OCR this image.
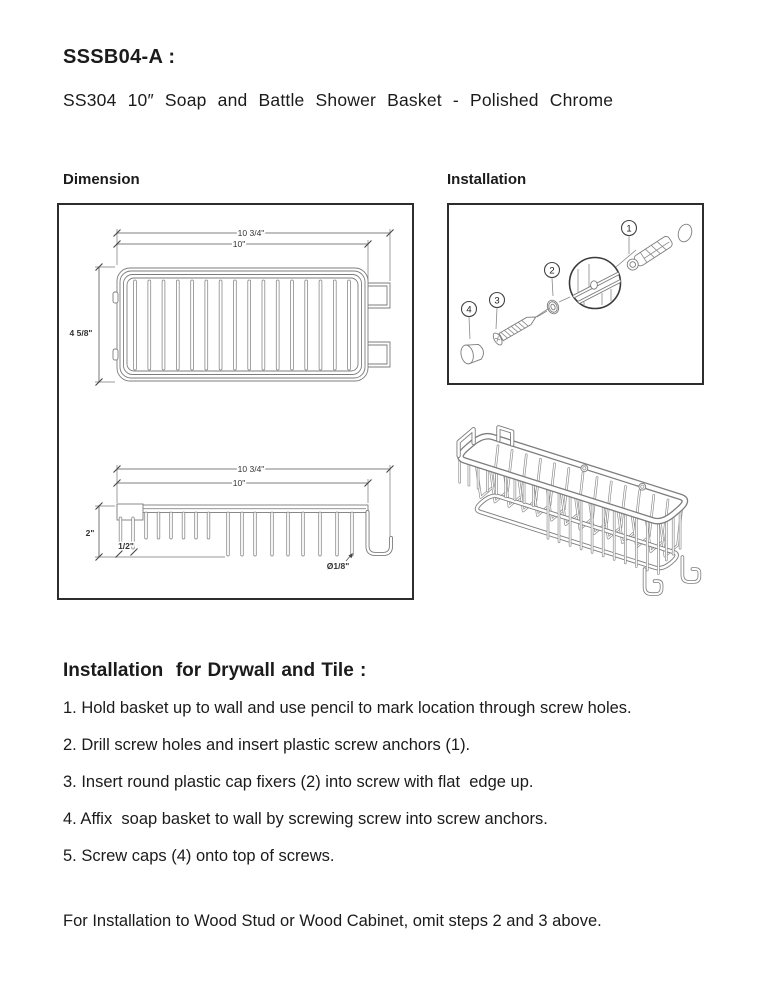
SSSB04-A :
SS304 10″ Soap and Battle Shower Basket - Polished Chrome
Dimension	Installation
10 3/4"
10"
4 5/8"
10 3/4"
10"
2"
1/2"
Ø1/8"
1
2
3
4
Installation  for Drywall and Tile :
1. Hold basket up to wall and use pencil to mark location through screw holes.
2. Drill screw holes and insert plastic screw anchors (1).
3. Insert round plastic cap fixers (2) into screw with flat  edge up.
4. Affix  soap basket to wall by screwing screw into screw anchors.
5. Screw caps (4) onto top of screws.
For Installation to Wood Stud or Wood Cabinet, omit steps 2 and 3 above.
